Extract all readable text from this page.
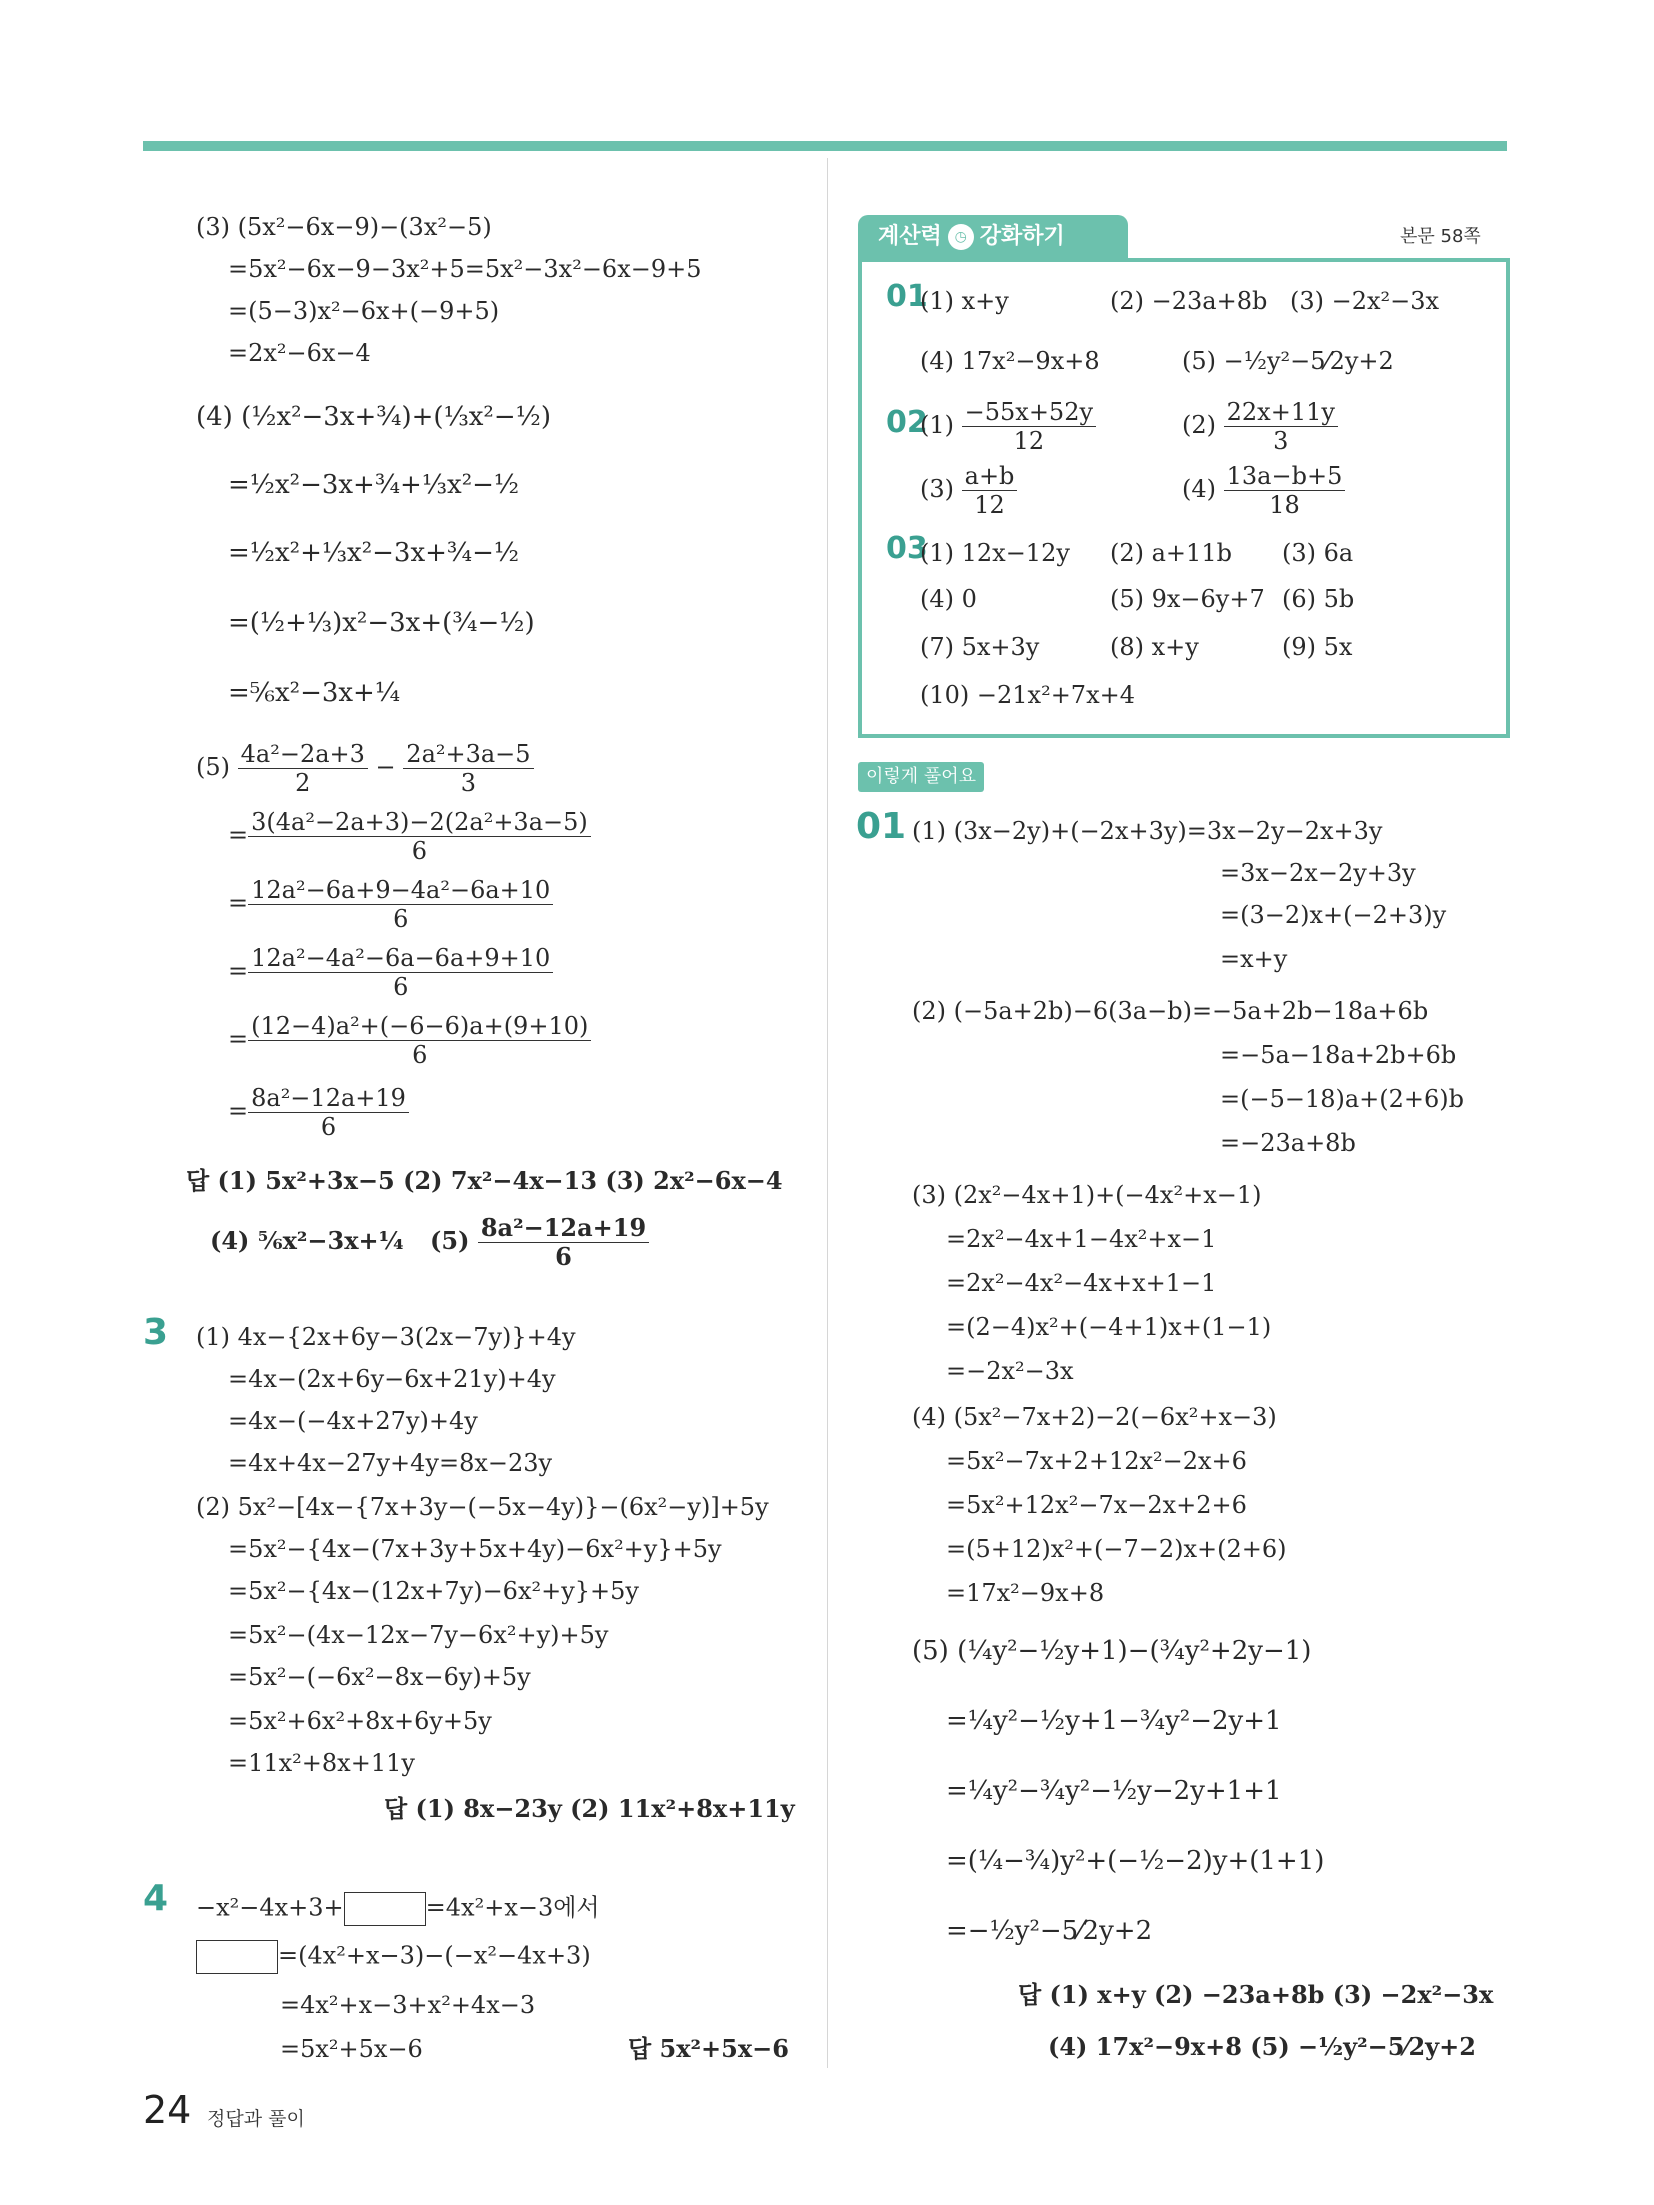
(3) (5x²−6x−9)−(3x²−5)
=5x²−6x−9−3x²+5=5x²−3x²−6x−9+5
=(5−3)x²−6x+(−9+5)
=2x²−6x−4
(4) (½x²−3x+¾)+(⅓x²−½)
=½x²−3x+¾+⅓x²−½
=½x²+⅓x²−3x+¾−½
=(½+⅓)x²−3x+(¾−½)
=⅚x²−3x+¼
$(5) \frac{\text{4a²−2a+3}}{2} - \frac{\text{2a²+3a−5}}{3}$
= $\frac{\text{3(4a²−2a+3)−2(2a²+3a−5)}}{6}$
= $\frac{\text{12a²−6a+9−4a²−6a+10}}{6}$
= $\frac{\text{12a²−4a²−6a−6a+9+10}}{6}$
= $\frac{\text{(12−4)a²+(−6−6)a+(9+10)}}{6}$
= $\frac{\text{8a²−12a+19}}{6}$
답 (1) 5x²+3x−5 (2) 7x²−4x−13 (3) 2x²−6x−4
(4) ⅚x²−3x+¼ $(5) \frac{\text{8a²−12a+19}}{6}$
3 (1) 4x−{2x+6y−3(2x−7y)}+4y
=4x−(2x+6y−6x+21y)+4y
=4x−(−4x+27y)+4y
=4x+4x−27y+4y=8x−23y
(2) 5x²−[4x−{7x+3y−(−5x−4y)}−(6x²−y)]+5y
=5x²−{4x−(7x+3y+5x+4y)−6x²+y}+5y
=5x²−{4x−(12x+7y)−6x²+y}+5y
=5x²−(4x−12x−7y−6x²+y)+5y
=5x²−(−6x²−8x−6y)+5y
=5x²+6x²+8x+6y+5y
=11x²+8x+11y
답 (1) 8x−23y (2) 11x²+8x+11y
4 −x²−4x+3+	=4x²+x−3에서
=(4x²+x−3)−(−x²−4x+3)
=4x²+x−3+x²+4x−3
=5x²+5x−6	답 5x²+5x−6
계산력 ◷ 강화하기	본문 58쪽
01
(1) x+y	(2) −23a+8b (3) −2x²−3x
(4) 17x²−9x+8	(5) −½y²−5⁄2y+2
02
$(1) \frac{-55x+52y}{12}$	$(2) \frac{22x+11y}{3}$
$(3) \frac{a+b}{12}$	$(4) \frac{13a-b+5}{18}$
03
(1) 12x−12y (2) a+11b (3) 6a
(4) 0	(5) 9x−6y+7 (6) 5b
(7) 5x+3y	(8) x+y	(9) 5x
(10) −21x²+7x+4
이렇게 풀어요
01 (1) (3x−2y)+(−2x+3y)=3x−2y−2x+3y
=3x−2x−2y+3y
=(3−2)x+(−2+3)y
=x+y
(2) (−5a+2b)−6(3a−b)=−5a+2b−18a+6b
=−5a−18a+2b+6b
=(−5−18)a+(2+6)b
=−23a+8b
(3) (2x²−4x+1)+(−4x²+x−1)
=2x²−4x+1−4x²+x−1
=2x²−4x²−4x+x+1−1
=(2−4)x²+(−4+1)x+(1−1)
=−2x²−3x
(4) (5x²−7x+2)−2(−6x²+x−3)
=5x²−7x+2+12x²−2x+6
=5x²+12x²−7x−2x+2+6
=(5+12)x²+(−7−2)x+(2+6)
=17x²−9x+8
(5) (¼y²−½y+1)−(¾y²+2y−1)
=¼y²−½y+1−¾y²−2y+1
=¼y²−¾y²−½y−2y+1+1
=(¼−¾)y²+(−½−2)y+(1+1)
=−½y²−5⁄2y+2
답 (1) x+y (2) −23a+8b (3) −2x²−3x
(4) 17x²−9x+8 (5) −½y²−5⁄2y+2
24 정답과 풀이
